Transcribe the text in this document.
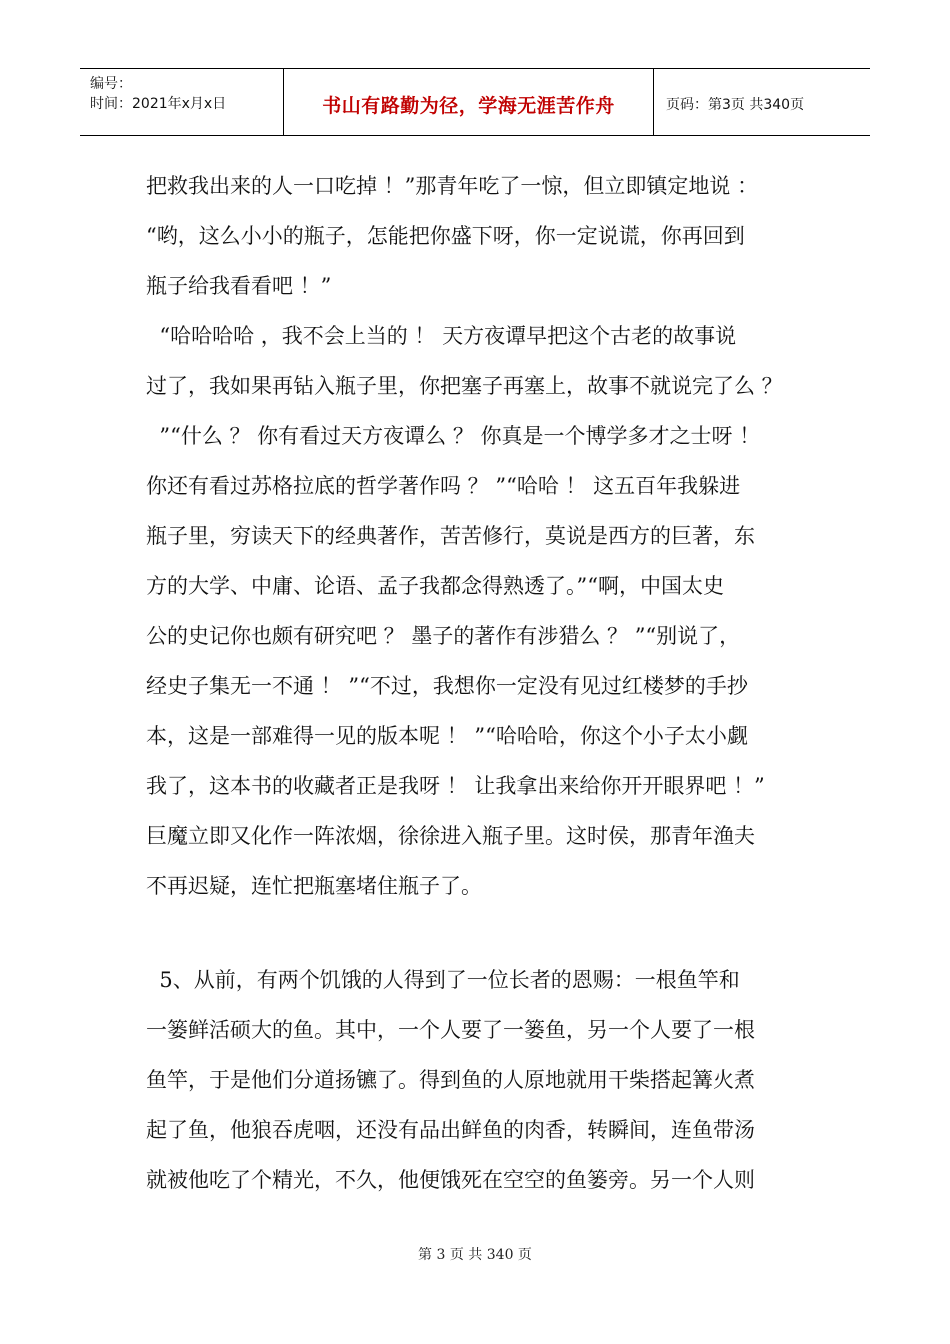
编号：
时间：2021年x月x日	书山有路勤为径，学海无涯苦作舟	页码：第3页 共340页
把救我出来的人一口吃掉 ！”那青年吃了一惊，但立即镇定地说 ：
“哟，这么小小的瓶子，怎能把你盛下呀，你一定说谎，你再回到
瓶子给我看看吧 ！”
“哈哈哈哈 ，我不会上当的 ！ 天方夜谭早把这个古老的故事说
过了，我如果再钻入瓶子里，你把塞子再塞上，故事不就说完了么 ？
”“什么 ？ 你有看过天方夜谭么 ？ 你真是一个博学多才之士呀 ！
你还有看过苏格拉底的哲学著作吗 ？ ”“哈哈 ！ 这五百年我躲进
瓶子里，穷读天下的经典著作，苦苦修行，莫说是西方的巨著，东
方的大学、中庸、论语、孟子我都念得熟透了。”“啊，中国太史
公的史记你也颇有研究吧 ？ 墨子的著作有涉猎么 ？ ”“别说了，
经史子集无一不通 ！ ”“不过，我想你一定没有见过红楼梦的手抄
本，这是一部难得一见的版本呢 ！ ”“哈哈哈，你这个小子太小觑
我了，这本书的收藏者正是我呀 ！ 让我拿出来给你开开眼界吧 ！”
巨魔立即又化作一阵浓烟，徐徐进入瓶子里。这时侯，那青年渔夫
不再迟疑，连忙把瓶塞堵住瓶子了。
5、从前，有两个饥饿的人得到了一位长者的恩赐：一根鱼竿和
一篓鲜活硕大的鱼。其中，一个人要了一篓鱼，另一个人要了一根
鱼竿，于是他们分道扬镳了。得到鱼的人原地就用干柴搭起篝火煮
起了鱼，他狼吞虎咽，还没有品出鲜鱼的肉香，转瞬间，连鱼带汤
就被他吃了个精光，不久，他便饿死在空空的鱼篓旁。另一个人则
第 3 页 共 340 页
